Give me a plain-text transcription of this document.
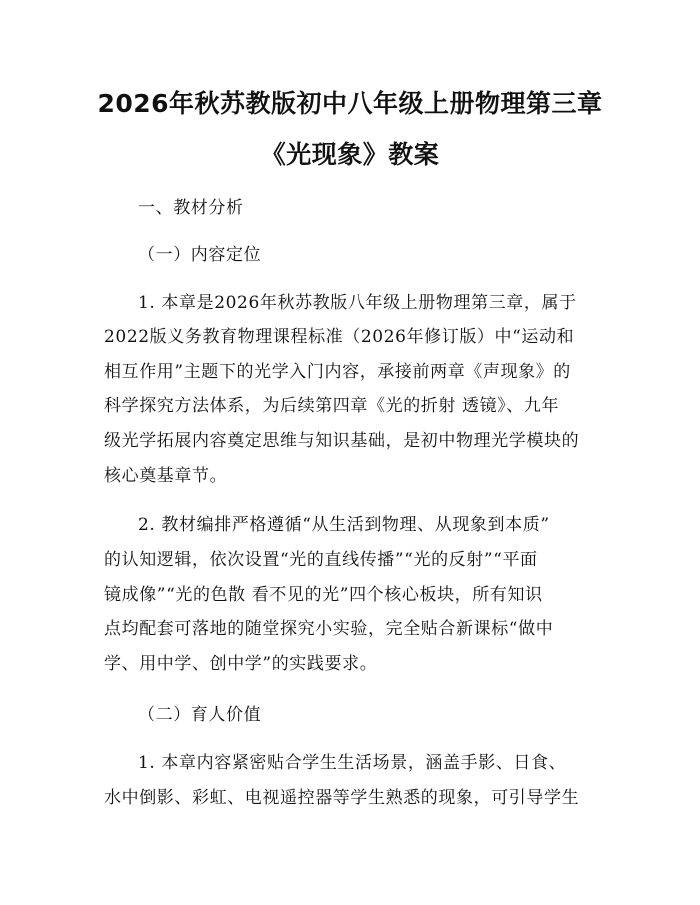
2026年秋苏教版初中八年级上册物理第三章
《光现象》教案

一、教材分析

（一）内容定位

1. 本章是2026年秋苏教版八年级上册物理第三章，属于

2022版义务教育物理课程标准（2026年修订版）中“运动和

相互作用”主题下的光学入门内容，承接前两章《声现象》的

科学探究方法体系，为后续第四章《光的折射 透镜》、九年

级光学拓展内容奠定思维与知识基础，是初中物理光学模块的

核心奠基章节。

2. 教材编排严格遵循“从生活到物理、从现象到本质”

的认知逻辑，依次设置“光的直线传播”“光的反射”“平面

镜成像”“光的色散 看不见的光”四个核心板块，所有知识

点均配套可落地的随堂探究小实验，完全贴合新课标“做中

学、用中学、创中学”的实践要求。

（二）育人价值

1. 本章内容紧密贴合学生生活场景，涵盖手影、日食、

水中倒影、彩虹、电视遥控器等学生熟悉的现象，可引导学生
